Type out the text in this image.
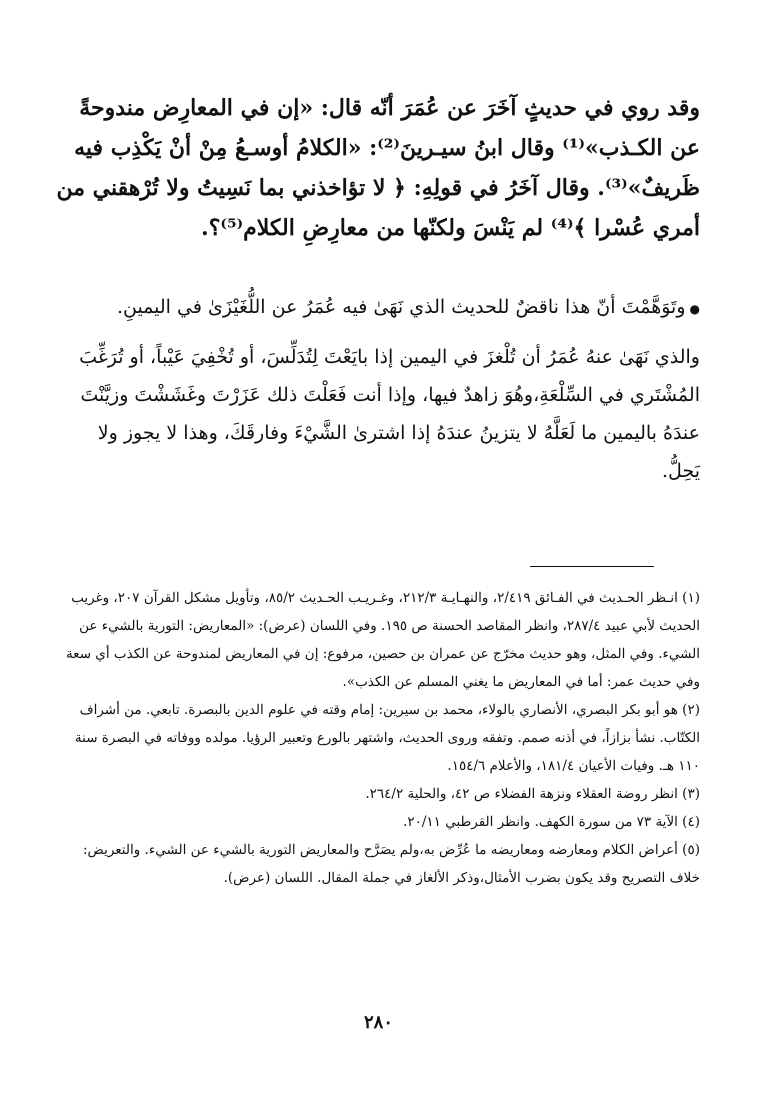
وقد روي في حديثٍ آخَرَ عن عُمَرَ أنّه قال: «إن في المعارِض مندوحةً عن الكـذب»⁽¹⁾ وقال ابنُ سيـرينَ⁽²⁾: «الكلامُ أوسـعُ مِنْ أنْ يَكْذِب فيه ظَريفٌ»⁽³⁾. وقال آخَرُ في قولِهِ: ﴿ لا تؤاخذني بما نَسِيتُ ولا تُرْهقني من أمري عُسْرا ﴾⁽⁴⁾ لم يَنْسَ ولكنّها من معارِضِ الكلام⁽⁵⁾؟.

●وتَوَهَّمْتَ أنّ هذا ناقضٌ للحديث الذي نَهَىٰ فيه عُمَرُ عن اللُّغَيْزَىٰ في اليمينِ.

والذي نَهَىٰ عنهُ عُمَرُ أن تُلْغزَ في اليمين إذا بايَعْتَ لِتُدَلِّسَ، أو تُخْفِيَ عَيْباً، أو تُرَغِّبَ المُشْتَري في السِّلْعَةِ،وهُوَ زاهدٌ فيها، وإذا أنت فَعَلْتَ ذلك عَزَرْتَ وغَشَشْتَ وزيَّنْتَ عندَهُ باليمين ما لَعَلَّهُ لا يتزينُ عندَهُ إذا اشترىٰ الشَّيْءَ وفارقَكَ، وهذا لا يجوز ولا يَحِلُّ.

(١) انـظر الحـديث في الفـائق ٢/٤١٩، والنهـايـة ٢١٢/٣، وغـريـب الحـديث ٨٥/٢، وتأويل مشكل القرآن ٢٠٧، وغريب الحديث لأبي عبيد ٢٨٧/٤، وانظر المقاصد الحسنة ص ١٩٥. وفي اللسان (عرض): «المعاريض: التورية بالشيء عن الشيء. وفي المثل، وهو حديث مخرّج عن عمران بن حصين، مرفوع: إن في المعاريض لمندوحة عن الكذب أي سعة وفي حديث عمر: أما في المعاريض ما يغني المسلم عن الكذب».

(٢) هو أبو بكر البصري، الأنصاري بالولاء، محمد بن سيرين: إمام وقته في علوم الدين بالبصرة. تابعي. من أشراف الكتّاب. نشأ بزازاً، في أذنه صمم. وتفقه وروى الحديث، واشتهر بالورع وتعبير الرؤيا. مولده ووفاته في البصرة سنة ١١٠ هـ. وفيات الأعيان ١٨١/٤، والأعلام ١٥٤/٦.

(٣) انظر روضة العقلاء ونزهة الفضلاء ص ٤٢، والحلية ٢٦٤/٢.

(٤) الآية ٧٣ من سورة الكهف. وانظر القرطبي ٢٠/١١.

(٥) أعراض الكلام ومعارضه ومعاريضه ما عُرِّض به،ولم يصَرَّح والمعاريض التورية بالشيء عن الشيء. والتعريض: خلاف التصريح وقد يكون بضرب الأمثال،وذكر الألغاز في جملة المقال. اللسان (عرض).

٢٨٠
